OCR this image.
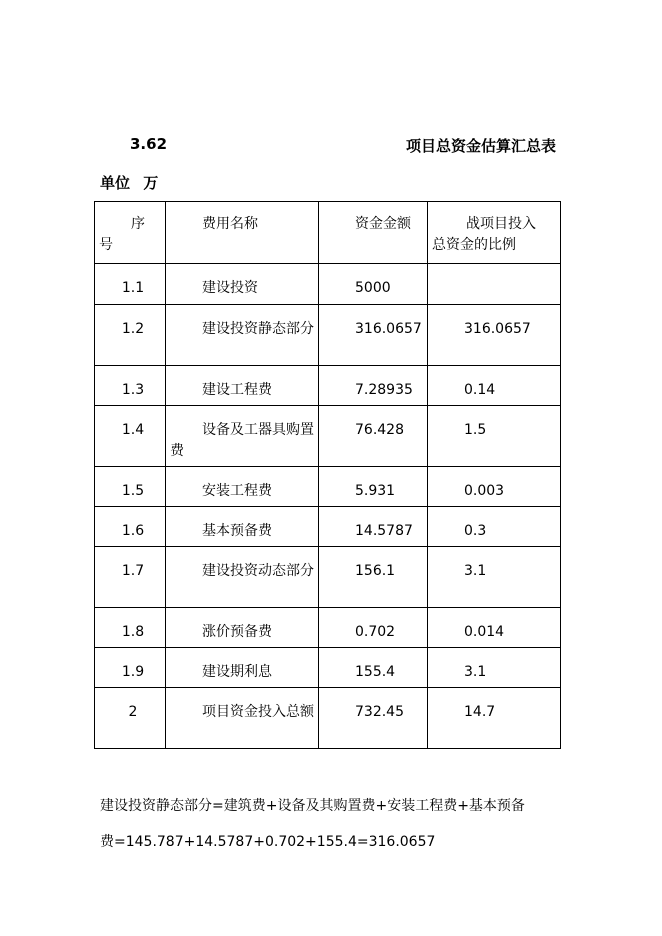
3.62	项目总资金估算汇总表
单位 万
序
号	费用名称	资金金额	战项目投入
总资金的比例

1.1	建设投资	5000	

1.2	建设投资静态部分	316.0657	316.0657

1.3	建设工程费	7.28935	0.14

1.4	设备及工器具购置费	76.428	1.5

1.5	安装工程费	5.931	0.003

1.6	基本预备费	14.5787	0.3

1.7	建设投资动态部分	156.1	3.1

1.8	涨价预备费	0.702	0.014

1.9	建设期利息	155.4	3.1

2	项目资金投入总额	732.45	14.7
建设投资静态部分=建筑费+设备及其购置费+安装工程费+基本预备
费=145.787+14.5787+0.702+155.4=316.0657
